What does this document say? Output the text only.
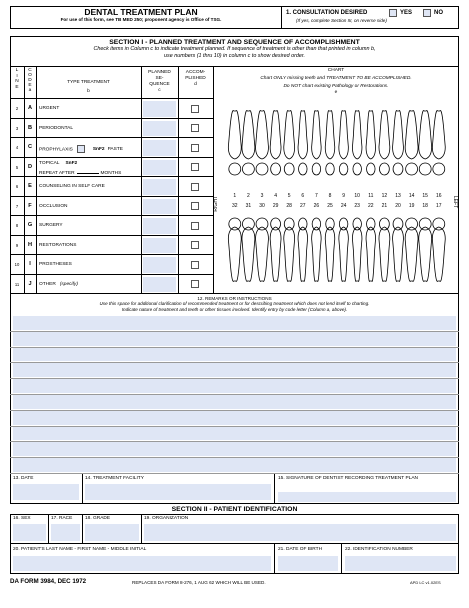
DENTAL TREATMENT PLAN
For use of this form, see TB MED 250; proponent agency is Office of TSG.
1. CONSULTATION DESIRED	YES	NO
(If yes, complete Section III, on reverse side)
SECTION I - PLANNED TREATMENT AND SEQUENCE OF ACCOMPLISHMENT
Check items in Column c to indicate treatment planned. If sequence of treatment is other than that printed in column b,
use numbers (1 thru 10) in column c to show desired order.
L I N E
C O D E
a
TYPE TREATMENT
b
PLANNED SE- QUENCE
c
ACCOM- PLISHED
d
CHART
Chart ONLY missing teeth and TREATMENT TO BE ACCOMPLISHED.
Do NOT chart existing Pathology or Restorations.
e
2	A	URGENT
3	B	PERIODONTAL
4	C	PROPHYLAXIS	SnF2 PASTE
5	D
TOPICAL SnF2
REPEAT AFTER	MONTHS
6	E	COUNSELING IN SELF CARE
7	F	OCCLUSION
8	G	SURGERY
9	H	RESTORATIONS
10	I	PROSTHESES
11	J	OTHER (specify)
RIGHT	LEFT
1
32
2
31
3
30
4
29
5
28
6
27
7
26
8
25
9
24
10
23
11
22
12
21
13
20
14
19
15
18
16
17
12. REMARKS OR INSTRUCTIONS
Use this space for additional clarification of recommended treatment or for describing treatment which does not lend itself to charting.
Indicate nature of treatment and teeth or other tissues involved. Identify entry by code letter (Column a, above).
13. DATE	14. TREATMENT FACILITY	15. SIGNATURE OF DENTIST RECORDING TREATMENT PLAN
SECTION II - PATIENT IDENTIFICATION
16. SEX	17. RACE	18. GRADE	19. ORGANIZATION
20. PATIENT'S LAST NAME - FIRST NAME - MIDDLE INITIAL	21. DATE OF BIRTH	22. IDENTIFICATION NUMBER
DA FORM 3984, DEC 1972	REPLACES DA FORM 8-276, 1 AUG 62 WHICH WILL BE USED.	APD LC v1.02ES
